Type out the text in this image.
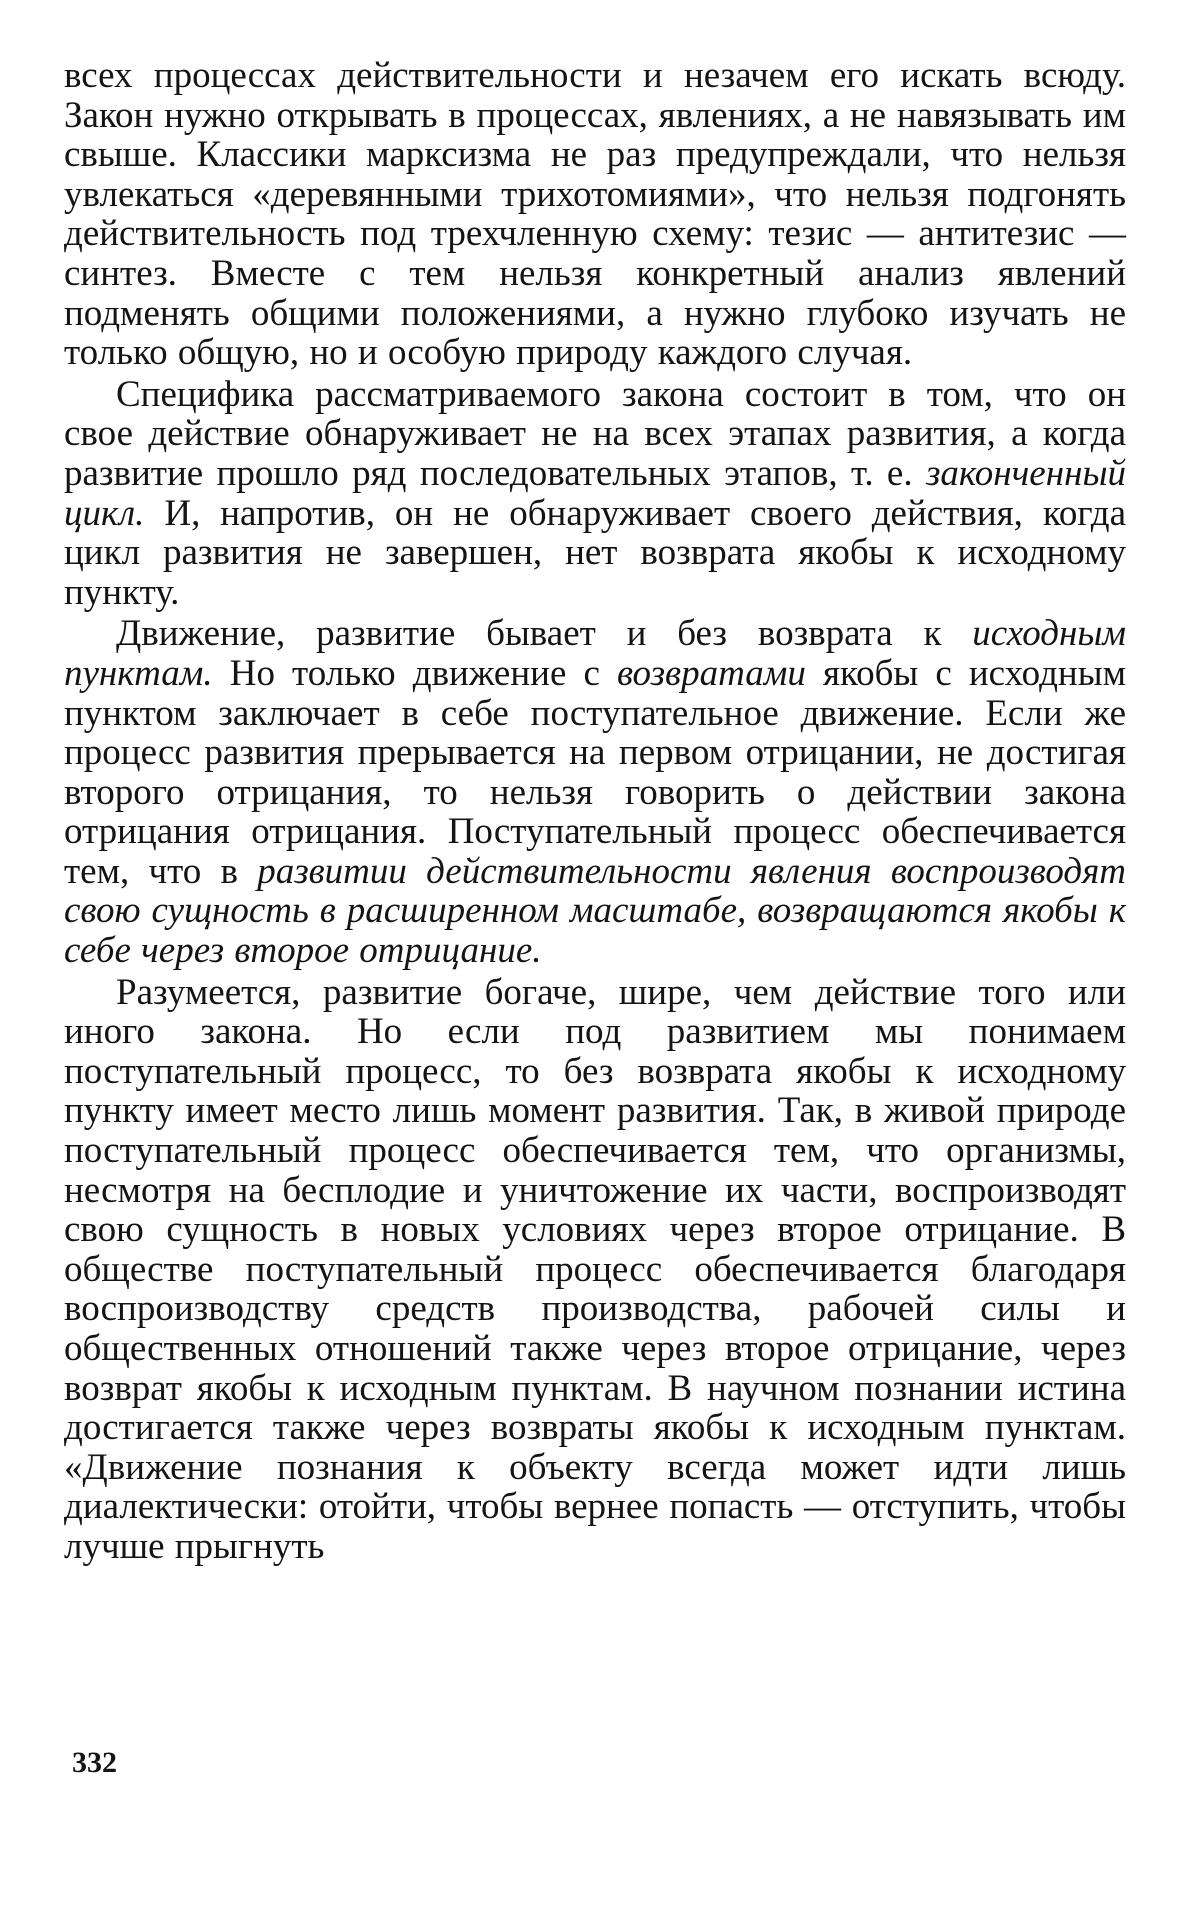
всех процессах действительности и незачем его искать всюду. Закон нужно открывать в процессах, явлениях, а не навязывать им свыше. Классики марксизма не раз предупреждали, что нельзя увлекаться «деревянными трихотомиями», что нельзя подгонять действительность под трехчленную схему: тезис — антитезис — синтез. Вместе с тем нельзя конкретный анализ явлений подменять общими положениями, а нужно глубоко изучать не только общую, но и особую природу каждого случая.

Специфика рассматриваемого закона состоит в том, что он свое действие обнаруживает не на всех этапах развития, а когда развитие прошло ряд последовательных этапов, т. е. законченный цикл. И, напротив, он не обнаруживает своего действия, когда цикл развития не завершен, нет возврата якобы к исходному пункту.

Движение, развитие бывает и без возврата к исходным пунктам. Но только движение с возвратами якобы с исходным пунктом заключает в себе поступательное движение. Если же процесс развития прерывается на первом отрицании, не достигая второго отрицания, то нельзя говорить о действии закона отрицания отрицания. Поступательный процесс обеспечивается тем, что в развитии действительности явления воспроизводят свою сущность в расширенном масштабе, возвращаются якобы к себе через второе отрицание.

Разумеется, развитие богаче, шире, чем действие того или иного закона. Но если под развитием мы понимаем поступательный процесс, то без возврата якобы к исходному пункту имеет место лишь момент развития. Так, в живой природе поступательный процесс обеспечивается тем, что организмы, несмотря на бесплодие и уничтожение их части, воспроизводят свою сущность в новых условиях через второе отрицание. В обществе поступательный процесс обеспечивается благодаря воспроизводству средств производства, рабочей силы и общественных отношений также через второе отрицание, через возврат якобы к исходным пунктам. В научном познании истина достигается также через возвраты якобы к исходным пунктам. «Движение познания к объекту всегда может идти лишь диалектически: отойти, чтобы вернее попасть — отступить, чтобы лучше прыгнуть

332
